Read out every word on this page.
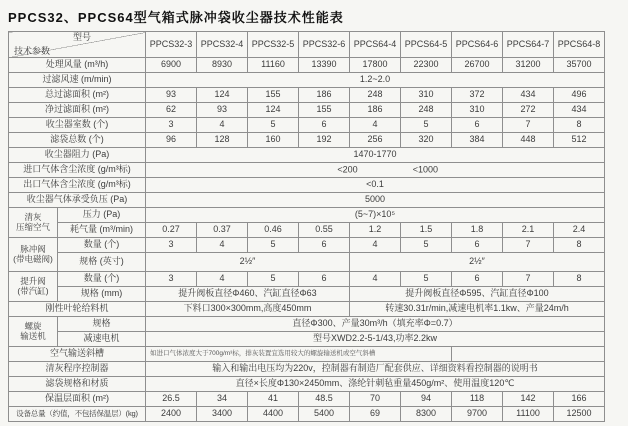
PPCS32、PPCS64型气箱式脉冲袋收尘器技术性能表
型号
技术参数		PPCS32-3	PPCS32-4	PPCS32-5	PPCS32-6	PPCS64-4	PPCS64-5	PPCS64-6	PPCS64-7	PPCS64-8
处理风量 (m³/h)		6900	8930	11160	13390	17800	22300	26700	31200	35700
过滤风速 (m/min)		1.2~2.0								
总过滤面积 (m²)		93	124	155	186	248	310	372	434	496
净过滤面积 (m²)		62	93	124	155	186	248	310	272	434
收尘器室数 (个)		3	4	5	6	4	5	6	7	8
滤袋总数 (个)		96	128	160	192	256	320	384	448	512
收尘器阻力 (Pa)		1470-1770								
进口气体含尘浓度 (g/m³标)		<200 <1000								

出口气体含尘浓度 (g/m³标)		<0.1								
收尘器气体承受负压 (Pa)		5000								

清灰
压缩空气	压力 (Pa)	(5~7)×10⁵								
	耗气量 (m³/min)	0.27	0.37	0.46	0.55	1.2	1.5	1.8	2.1	2.4

脉冲阀
(带电磁阀)	数量 (个)	3	4	5	6	4	5	6	7	8
	规格 (英寸)	2½″				2½″				

提升阀
(带汽缸)	数量 (个)	3	4	5	6	4	5	6	7	8
	规格 (mm)	提升阀板直径Φ460、汽缸直径Φ63				提升阀板直径Φ595、汽缸直径Φ100				
刚性叶轮给料机		下料口300×300mm,高度450mm				转速30.31r/min,减速电机率1.1kw、产量24m/h				

螺旋
输送机	规格	直径Φ300、产量30m³/h（填充率Φ=0.7）								
	减速电机	型号XWD2.2-5-1/43,功率2.2kw								
空气输送斜槽		如进口气体浓度大于700g/m³标，排灰装置宜选用较大的螺旋输送机或空气斜槽								
清灰程序控制器		输入和输出电压均为220v，控制器有制造厂配套供应、详细资料看控制器的说明书								
滤袋规格和材质		直径×长度Φ130×2450mm、涤纶针刺毡重量450g/m²、使用温度120℃								
保温层面积 (m²)		26.5	34	41	48.5	70	94	118	142	166
设备总量（约值，不包括保温层）(kg)		2400	3400	4400	5400	69	8300	9700	11100	12500
